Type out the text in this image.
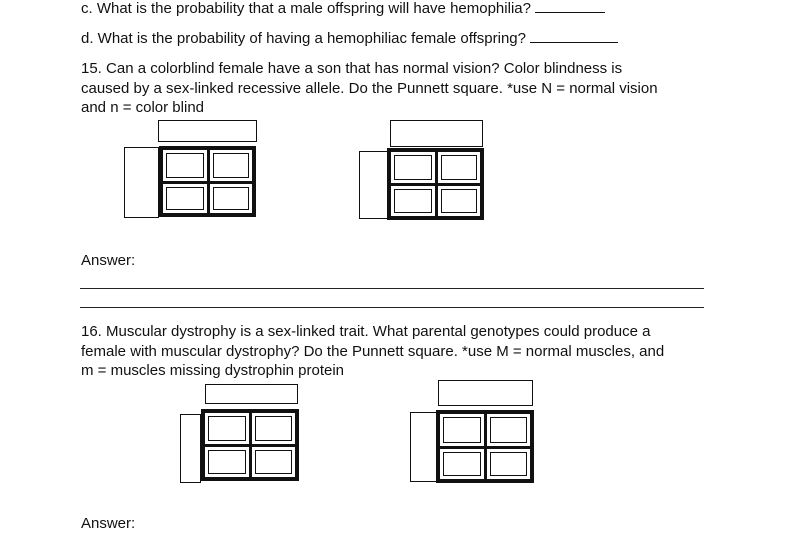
c. What is the probability that a male offspring will have hemophilia?
d. What is the probability of having a hemophiliac female offspring?
15. Can a colorblind female have a son that has normal vision? Color blindness is
caused by a sex-linked recessive allele. Do the Punnett square. *use N = normal vision
and n = color blind
Answer:
16. Muscular dystrophy is a sex-linked trait. What parental genotypes could produce a
female with muscular dystrophy? Do the Punnett square. *use M = normal muscles, and
m = muscles missing dystrophin protein
Answer:
